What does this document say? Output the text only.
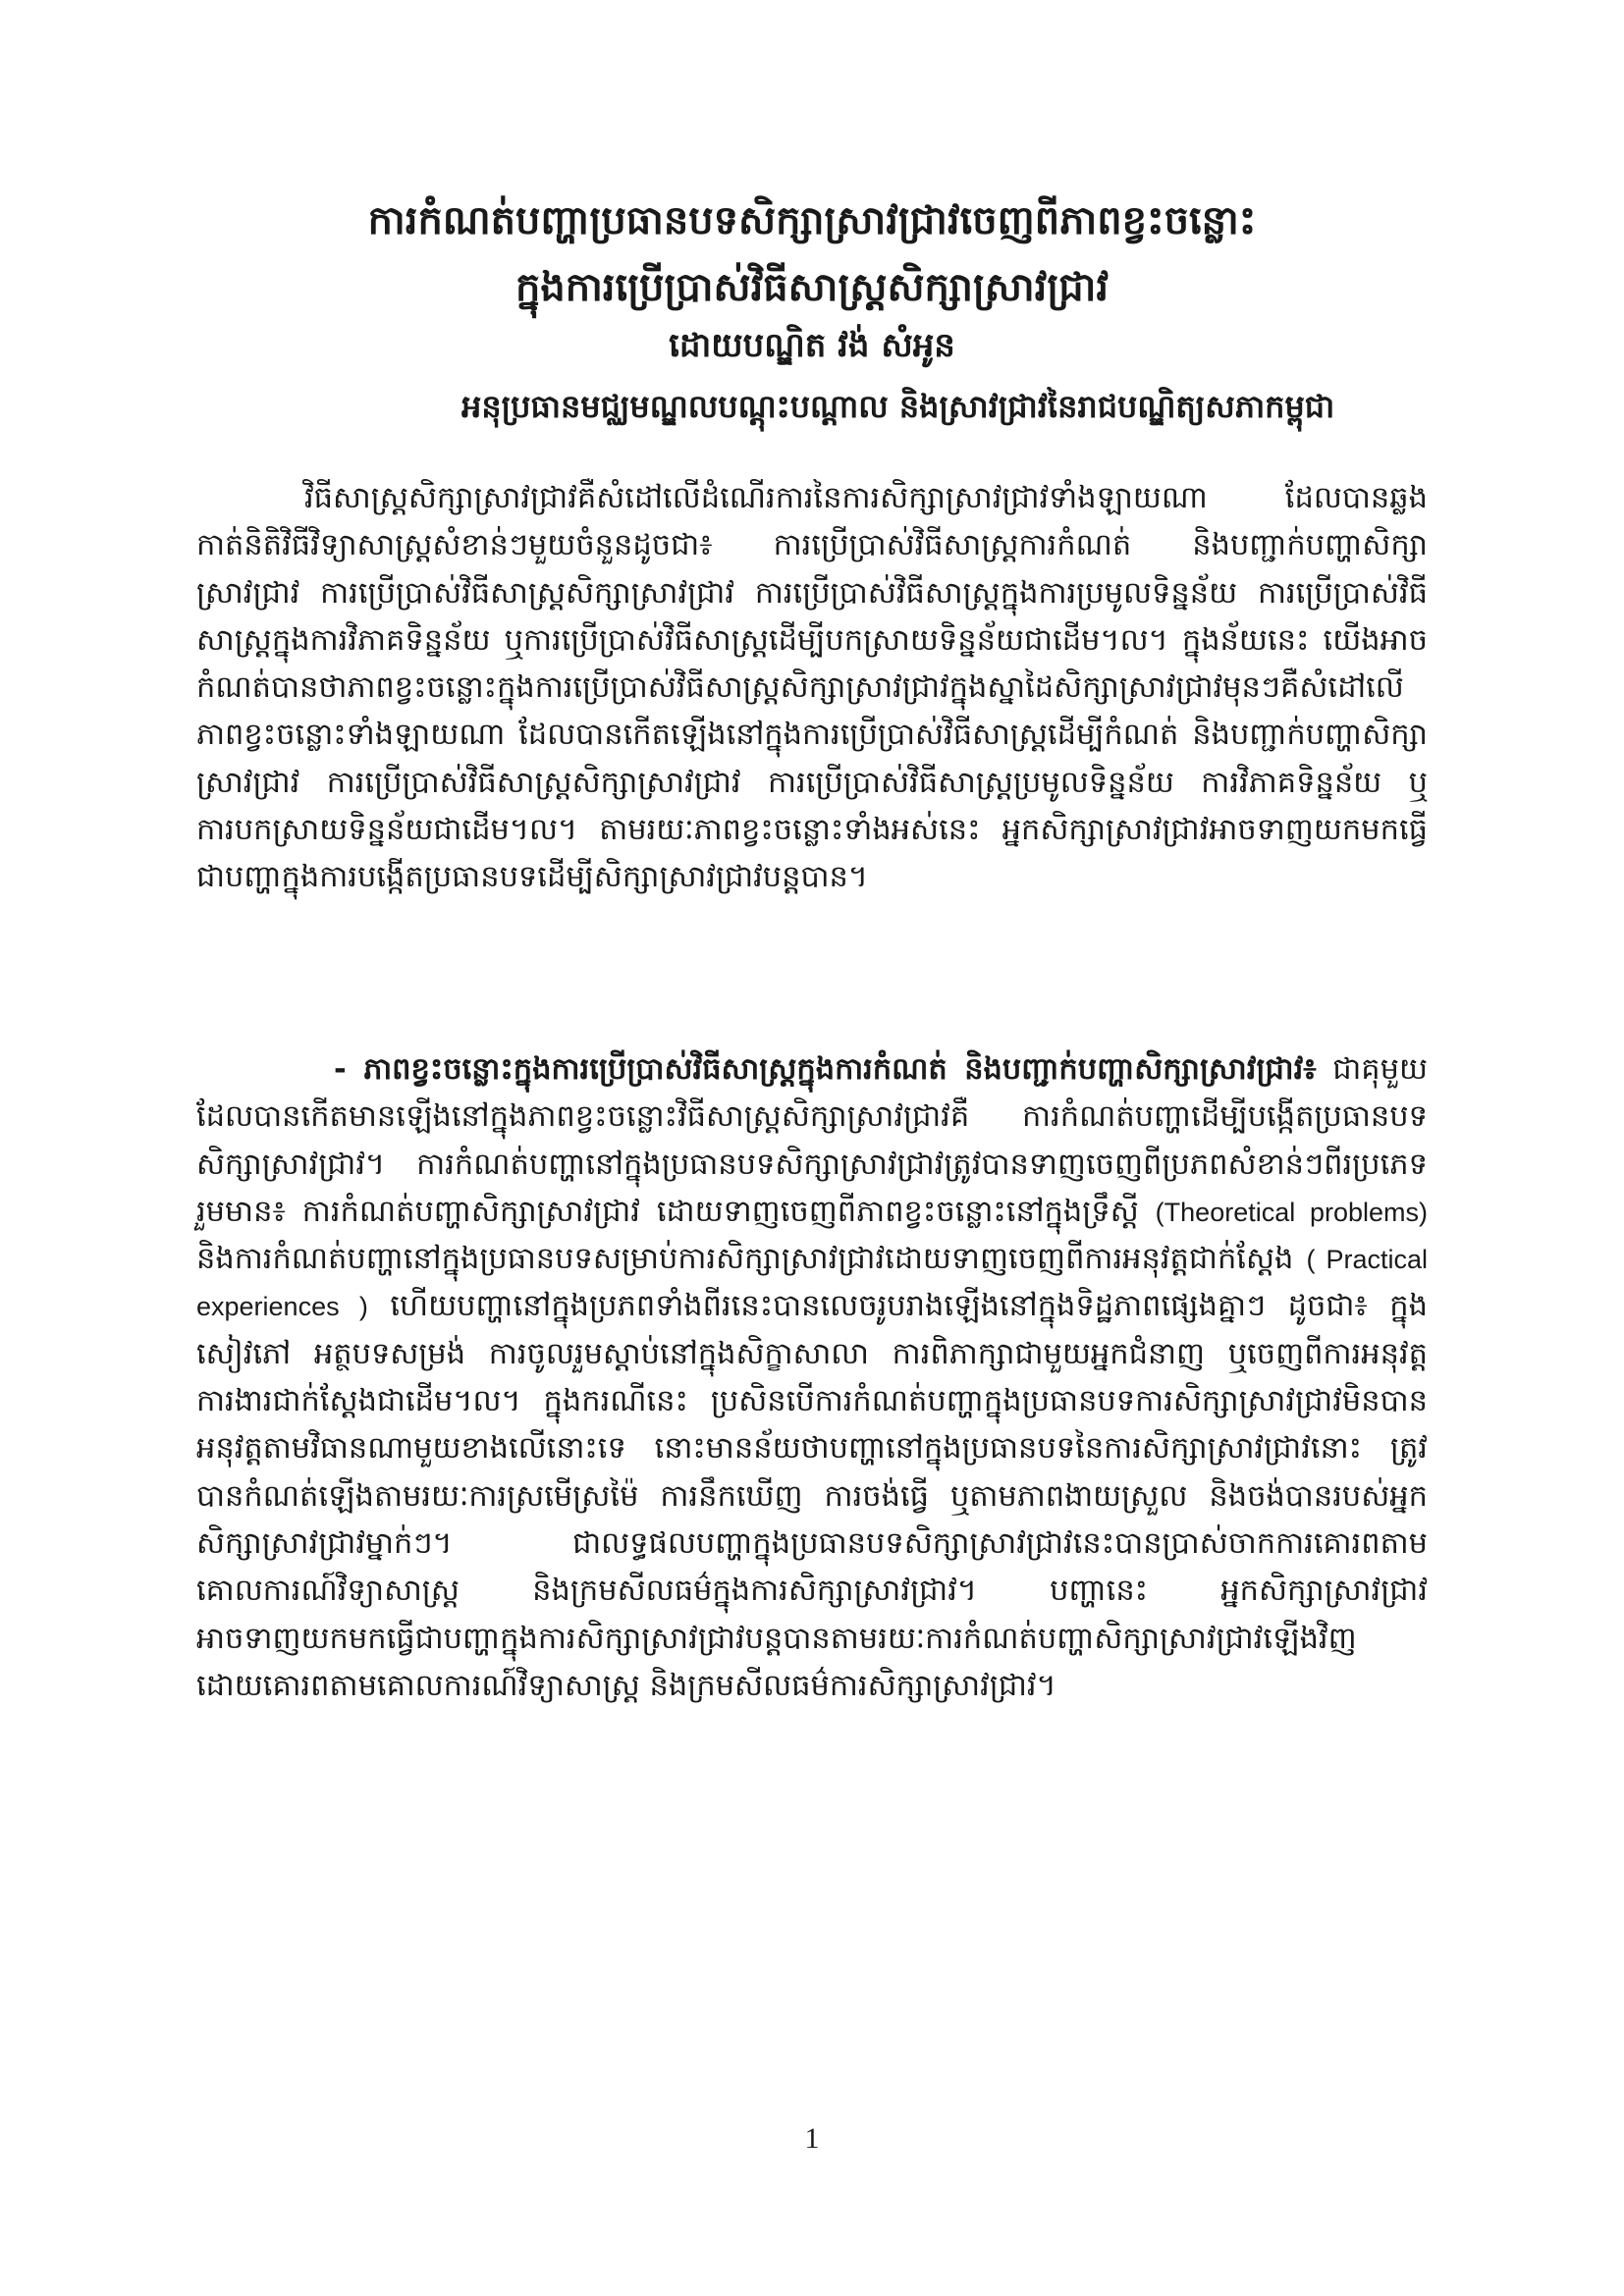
ការកំណត់បញ្ហាប្រធានបទសិក្សាស្រាវជ្រាវចេញពីភាពខ្វះចន្លោះ
ក្នុងការប្រើប្រាស់វិធីសាស្ត្រសិក្សាស្រាវជ្រាវ
ដោយបណ្ឌិត វង់ សំអូន
អនុប្រធានមជ្ឈមណ្ឌលបណ្តុះបណ្តាល និងស្រាវជ្រាវនៃរាជបណ្ឌិត្យសភាកម្ពុជា

វិធីសាស្ត្រសិក្សាស្រាវជ្រាវគឺសំដៅលើដំណើរការនៃការសិក្សាស្រាវជ្រាវទាំងឡាយណា ដែលបានឆ្លងកាត់និតិវិធីវិទ្យាសាស្ត្រសំខាន់ៗមួយចំនួនដូចជា៖ ការប្រើប្រាស់វិធីសាស្ត្រការកំណត់ និងបញ្ជាក់បញ្ហាសិក្សាស្រាវជ្រាវ ការប្រើប្រាស់វិធីសាស្ត្រសិក្សាស្រាវជ្រាវ ការប្រើប្រាស់វិធីសាស្ត្រក្នុងការប្រមូលទិន្នន័យ ការប្រើប្រាស់វិធីសាស្ត្រក្នុងការវិភាគទិន្នន័យ ឬការប្រើប្រាស់វិធីសាស្ត្រដើម្បីបកស្រាយទិន្នន័យជាដើម។ល។ ក្នុងន័យនេះ យើងអាចកំណត់បានថាភាពខ្វះចន្លោះក្នុងការប្រើប្រាស់វិធីសាស្ត្រសិក្សាស្រាវជ្រាវក្នុងស្នាដៃសិក្សាស្រាវជ្រាវមុនៗគឺសំដៅលើ ភាពខ្វះចន្លោះទាំងឡាយណា ដែលបានកើតឡើងនៅក្នុងការប្រើប្រាស់វិធីសាស្ត្រដើម្បីកំណត់ និងបញ្ជាក់បញ្ហាសិក្សាស្រាវជ្រាវ ការប្រើប្រាស់វិធីសាស្ត្រសិក្សាស្រាវជ្រាវ ការប្រើប្រាស់វិធីសាស្ត្រប្រមូលទិន្នន័យ ការវិភាគទិន្នន័យ ឬការបកស្រាយទិន្នន័យជាដើម។ល។ តាមរយៈភាពខ្វះចន្លោះទាំងអស់នេះ អ្នកសិក្សាស្រាវជ្រាវអាចទាញយកមកធ្វើជាបញ្ហាក្នុងការបង្កើតប្រធានបទដើម្បីសិក្សាស្រាវជ្រាវបន្តបាន។

- ភាពខ្វះចន្លោះក្នុងការប្រើប្រាស់វិធីសាស្ត្រក្នុងការកំណត់ និងបញ្ជាក់បញ្ហាសិក្សាស្រាវជ្រាវ៖ ជាគុមួយដែលបានកើតមានឡើងនៅក្នុងភាពខ្វះចន្លោះវិធីសាស្ត្រសិក្សាស្រាវជ្រាវគឺ ការកំណត់បញ្ហាដើម្បីបង្កើតប្រធានបទសិក្សាស្រាវជ្រាវ។ ការកំណត់បញ្ហានៅក្នុងប្រធានបទសិក្សាស្រាវជ្រាវត្រូវបានទាញចេញពីប្រភពសំខាន់ៗពីរប្រភេទរួមមាន៖ ការកំណត់បញ្ហាសិក្សាស្រាវជ្រាវ ដោយទាញចេញពីភាពខ្វះចន្លោះនៅក្នុងទ្រឹស្តី (Theoretical problems) និងការកំណត់បញ្ហានៅក្នុងប្រធានបទសម្រាប់ការសិក្សាស្រាវជ្រាវដោយទាញចេញពីការអនុវត្តជាក់ស្តែង ( Practical experiences ) ហើយបញ្ហានៅក្នុងប្រភពទាំងពីរនេះបានលេចរូបរាងឡើងនៅក្នុងទិដ្ឋភាពផ្សេងគ្នាៗ ដូចជា៖ ក្នុងសៀវភៅ អត្ថបទសម្រង់ ការចូលរួមស្តាប់នៅក្នុងសិក្ខាសាលា ការពិភាក្សាជាមួយអ្នកជំនាញ ឬចេញពីការអនុវត្តការងារជាក់ស្តែងជាដើម។ល។ ក្នុងករណីនេះ ប្រសិនបើការកំណត់បញ្ហាក្នុងប្រធានបទការសិក្សាស្រាវជ្រាវមិនបានអនុវត្តតាមវិធានណាមួយខាងលើនោះទេ នោះមានន័យថាបញ្ហានៅក្នុងប្រធានបទនៃការសិក្សាស្រាវជ្រាវនោះ ត្រូវបានកំណត់ឡើងតាមរយៈការស្រមើស្រម៉ៃ ការនឹកឃើញ ការចង់ធ្វើ ឬតាមភាពងាយស្រួល និងចង់បានរបស់អ្នកសិក្សាស្រាវជ្រាវម្នាក់ៗ។ ជាលទ្ធផលបញ្ហាក្នុងប្រធានបទសិក្សាស្រាវជ្រាវនេះបានប្រាស់ចាកការគោរពតាមគោលការណ៍វិទ្យាសាស្ត្រ និងក្រមសីលធម៌ក្នុងការសិក្សាស្រាវជ្រាវ។ បញ្ហានេះ អ្នកសិក្សាស្រាវជ្រាវអាចទាញយកមកធ្វើជាបញ្ហាក្នុងការសិក្សាស្រាវជ្រាវបន្តបានតាមរយៈការកំណត់បញ្ហាសិក្សាស្រាវជ្រាវឡើងវិញ ដោយគោរពតាមគោលការណ៍វិទ្យាសាស្ត្រ និងក្រមសីលធម៌ការសិក្សាស្រាវជ្រាវ។

1
